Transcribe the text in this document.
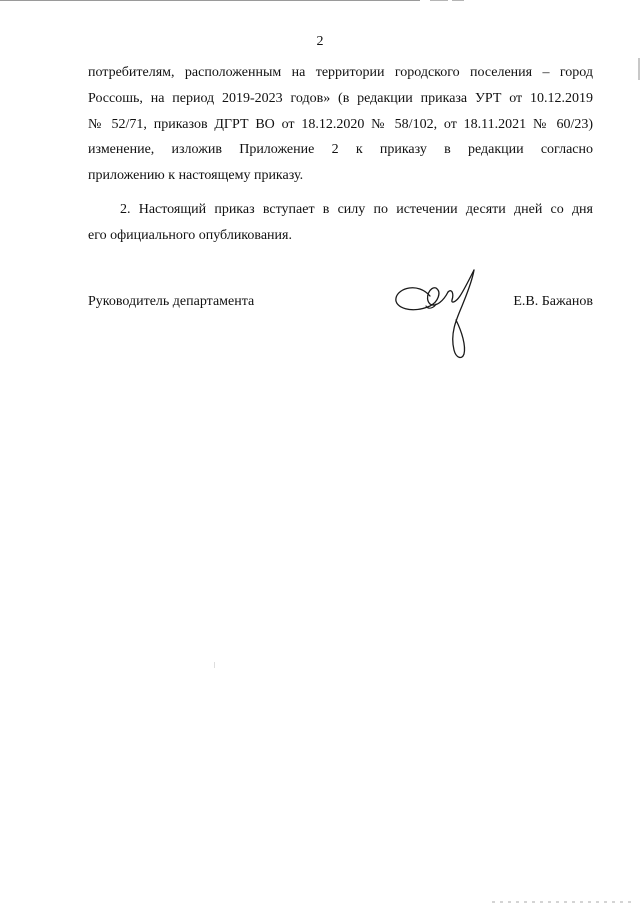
2

потребителям, расположенным на территории городского поселения – город
Россошь, на период 2019-2023 годов» (в редакции приказа УРТ от 10.12.2019
№ 52/71, приказов ДГРТ ВО от 18.12.2020 № 58/102, от 18.11.2021 № 60/23)
изменение, изложив Приложение 2 к приказу в редакции согласно
приложению к настоящему приказу.

2. Настоящий приказ вступает в силу по истечении десяти дней со дня
его официального опубликования.

Руководитель департамента	Е.В. Бажанов
